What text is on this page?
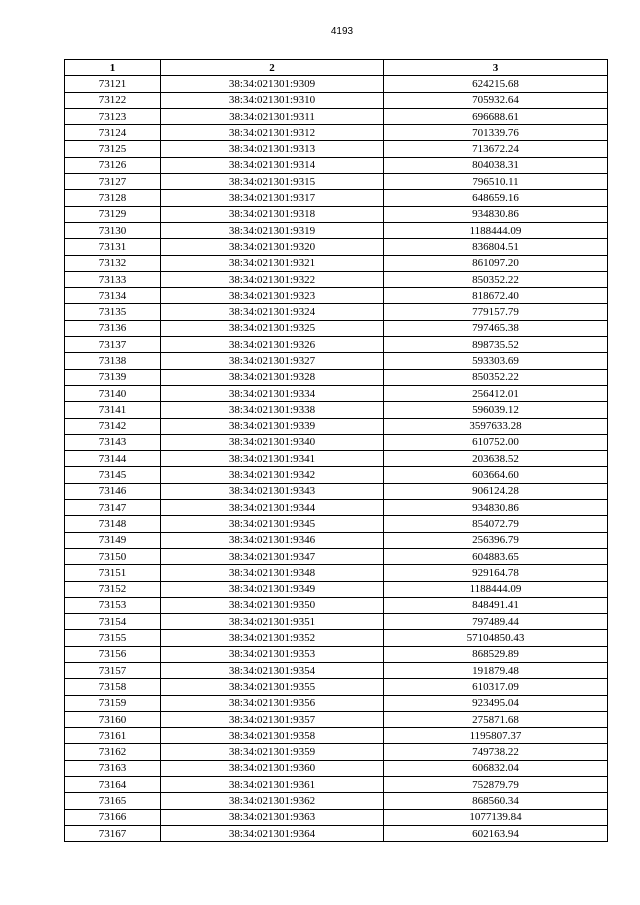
4193
1	2	3
73121	38:34:021301:9309	624215.68
73122	38:34:021301:9310	705932.64
73123	38:34:021301:9311	696688.61
73124	38:34:021301:9312	701339.76
73125	38:34:021301:9313	713672.24
73126	38:34:021301:9314	804038.31
73127	38:34:021301:9315	796510.11
73128	38:34:021301:9317	648659.16
73129	38:34:021301:9318	934830.86
73130	38:34:021301:9319	1188444.09
73131	38:34:021301:9320	836804.51
73132	38:34:021301:9321	861097.20
73133	38:34:021301:9322	850352.22
73134	38:34:021301:9323	818672.40
73135	38:34:021301:9324	779157.79
73136	38:34:021301:9325	797465.38
73137	38:34:021301:9326	898735.52
73138	38:34:021301:9327	593303.69
73139	38:34:021301:9328	850352.22
73140	38:34:021301:9334	256412.01
73141	38:34:021301:9338	596039.12
73142	38:34:021301:9339	3597633.28
73143	38:34:021301:9340	610752.00
73144	38:34:021301:9341	203638.52
73145	38:34:021301:9342	603664.60
73146	38:34:021301:9343	906124.28
73147	38:34:021301:9344	934830.86
73148	38:34:021301:9345	854072.79
73149	38:34:021301:9346	256396.79
73150	38:34:021301:9347	604883.65
73151	38:34:021301:9348	929164.78
73152	38:34:021301:9349	1188444.09
73153	38:34:021301:9350	848491.41
73154	38:34:021301:9351	797489.44
73155	38:34:021301:9352	57104850.43
73156	38:34:021301:9353	868529.89
73157	38:34:021301:9354	191879.48
73158	38:34:021301:9355	610317.09
73159	38:34:021301:9356	923495.04
73160	38:34:021301:9357	275871.68
73161	38:34:021301:9358	1195807.37
73162	38:34:021301:9359	749738.22
73163	38:34:021301:9360	606832.04
73164	38:34:021301:9361	752879.79
73165	38:34:021301:9362	868560.34
73166	38:34:021301:9363	1077139.84
73167	38:34:021301:9364	602163.94
